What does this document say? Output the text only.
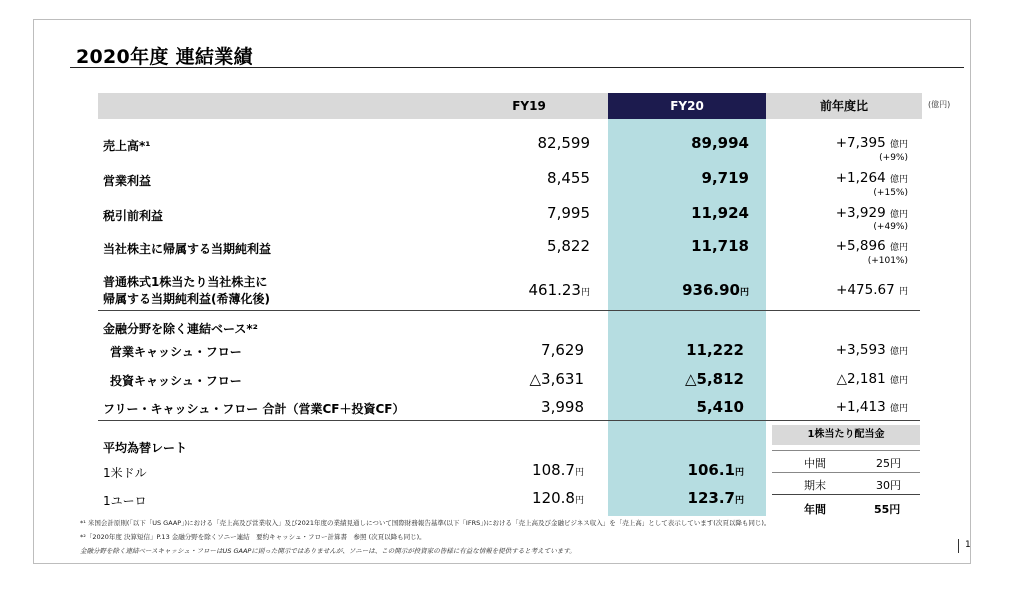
2020年度 連結業績
FY19	FY20	前年度比	(億円)
売上高*¹	82,599	89,994	+7,395 億円
(+9%)
営業利益	8,455	9,719	+1,264 億円
(+15%)
税引前利益	7,995	11,924	+3,929 億円
(+49%)
当社株主に帰属する当期純利益	5,822	11,718	+5,896 億円
(+101%)
普通株式1株当たり当社株主に
帰属する当期純利益(希薄化後)	461.23円	936.90円	+475.67 円
金融分野を除く連結ベース*²
営業キャッシュ・フロー	7,629	11,222	+3,593 億円
投資キャッシュ・フロー	△3,631	△5,812	△2,181 億円
フリー・キャッシュ・フロー 合計（営業CF＋投資CF）	3,998	5,410	+1,413 億円
平均為替レート
1米ドル	108.7円	106.1円
1ユーロ	120.8円	123.7円
1株当たり配当金
中間	25円
期末	30円
年間	55円
*¹ 米国会計原則(「以下「US GAAP」)における「売上高及び営業収入」及び2021年度の業績見通しについて国際財務報告基準(以下「IFRS」)における「売上高及び金融ビジネス収入」を「売上高」として表示しています(次頁以降も同じ)。
*²「2020年度 決算短信」P.13 金融分野を除くソニー連結　要約キャッシュ・フロー計算書　参照 (次頁以降も同じ)。
金融分野を除く連結ベースキャッシュ・フローはUS GAAPに則った開示ではありませんが、ソニーは、この開示が投資家の皆様に有益な情報を提供すると考えています。
1
